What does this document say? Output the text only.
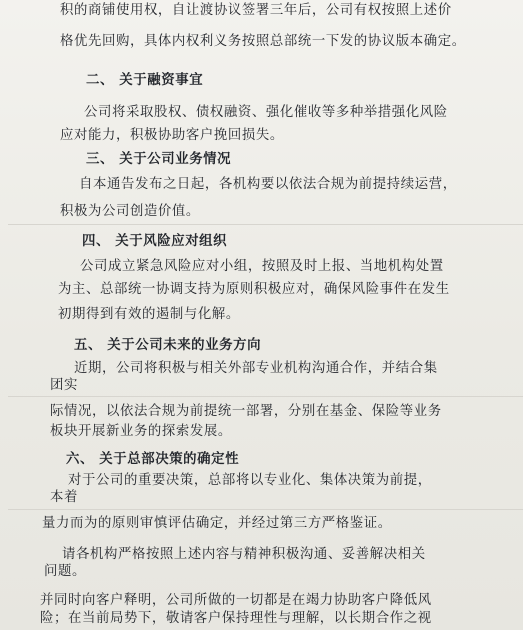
积的商铺使用权，自让渡协议签署三年后，公司有权按照上述价

格优先回购，具体内权利义务按照总部统一下发的协议版本确定。

二、 关于融资事宜

公司将采取股权、债权融资、强化催收等多种举措强化风险

应对能力，积极协助客户挽回损失。

三、 关于公司业务情况

自本通告发布之日起，各机构要以依法合规为前提持续运营，

积极为公司创造价值。

四、 关于风险应对组织

公司成立紧急风险应对小组，按照及时上报、当地机构处置

为主、总部统一协调支持为原则积极应对，确保风险事件在发生

初期得到有效的遏制与化解。

五、 关于公司未来的业务方向

近期，公司将积极与相关外部专业机构沟通合作，并结合集

团实

际情况，以依法合规为前提统一部署，分别在基金、保险等业务

板块开展新业务的探索发展。

六、 关于总部决策的确定性

对于公司的重要决策，总部将以专业化、集体决策为前提，

本着

量力而为的原则审慎评估确定，并经过第三方严格鉴证。

请各机构严格按照上述内容与精神积极沟通、妥善解决相关

问题。

并同时向客户释明，公司所做的一切都是在竭力协助客户降低风

险；在当前局势下，敬请客户保持理性与理解，以长期合作之视
